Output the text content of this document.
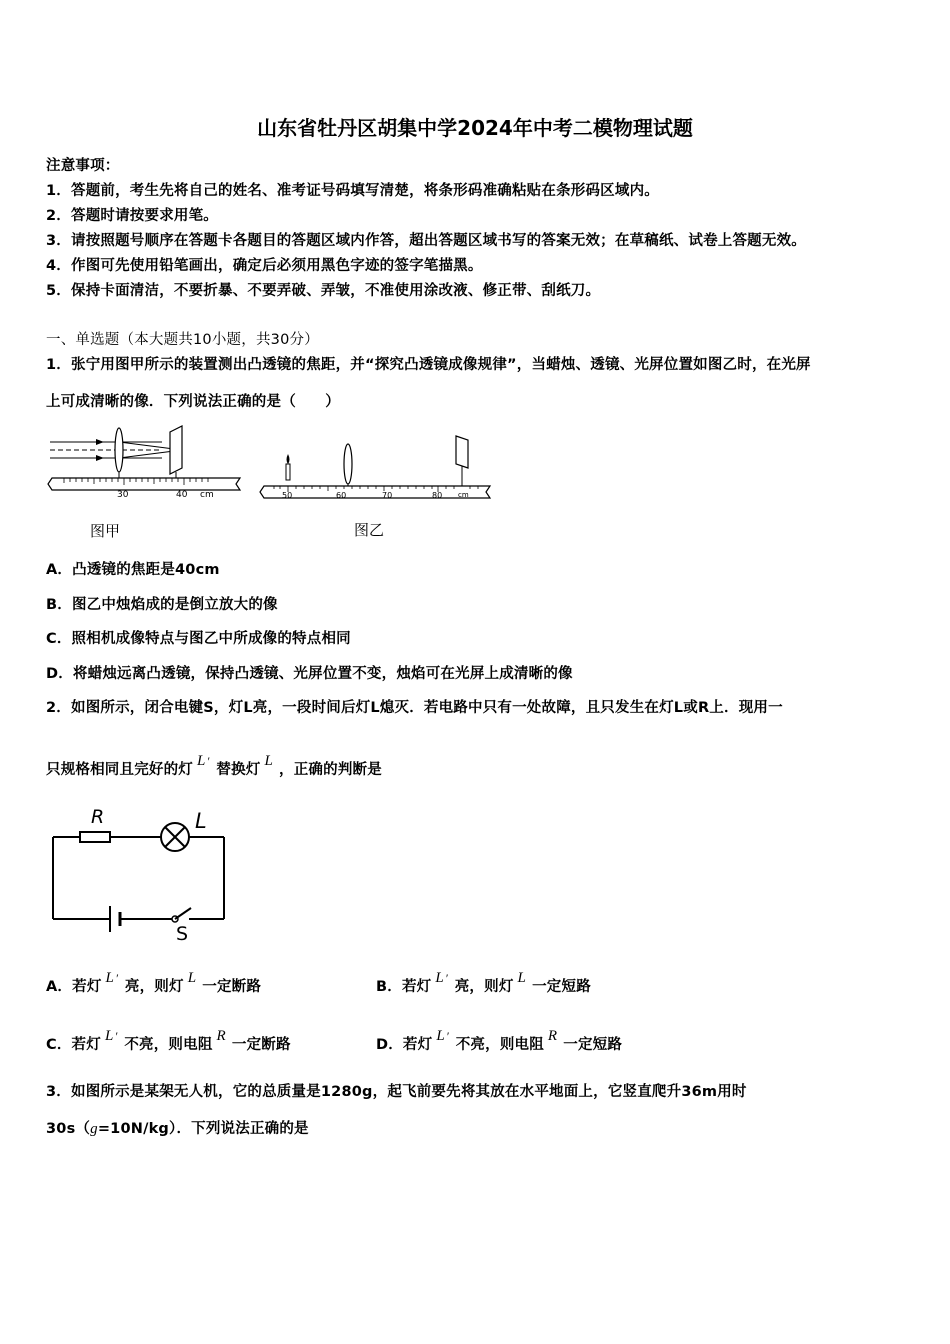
山东省牡丹区胡集中学2024年中考二模物理试题
注意事项：
1．答题前，考生先将自己的姓名、准考证号码填写清楚，将条形码准确粘贴在条形码区域内。
2．答题时请按要求用笔。
3．请按照题号顺序在答题卡各题目的答题区域内作答，超出答题区域书写的答案无效；在草稿纸、试卷上答题无效。
4．作图可先使用铅笔画出，确定后必须用黑色字迹的签字笔描黑。
5．保持卡面清洁，不要折暴、不要弄破、弄皱，不准使用涂改液、修正带、刮纸刀。
一、单选题（本大题共10小题，共30分）
1．张宁用图甲所示的装置测出凸透镜的焦距，并“探究凸透镜成像规律”，当蜡烛、透镜、光屏位置如图乙时，在光屏
上可成清晰的像．下列说法正确的是（　　）
30	40 cm
图甲
50	60	70	80 cm
图乙
A．凸透镜的焦距是40cm
B．图乙中烛焰成的是倒立放大的像
C．照相机成像特点与图乙中所成像的特点相同
D．将蜡烛远离凸透镜，保持凸透镜、光屏位置不变，烛焰可在光屏上成清晰的像
2．如图所示，闭合电键S，灯L亮，一段时间后灯L熄灭．若电路中只有一处故障，且只发生在灯L或R上．现用一
只规格相同且完好的灯L ′替换灯L，正确的判断是
R	L
S
A．若灯L ′亮，则灯L一定断路	B．若灯L ′亮，则灯L一定短路
C．若灯L ′不亮，则电阻R一定断路	D．若灯L ′不亮，则电阻R一定短路
3．如图所示是某架无人机，它的总质量是1280g，起飞前要先将其放在水平地面上，它竖直爬升36m用时
30s（g=10N/kg）．下列说法正确的是
